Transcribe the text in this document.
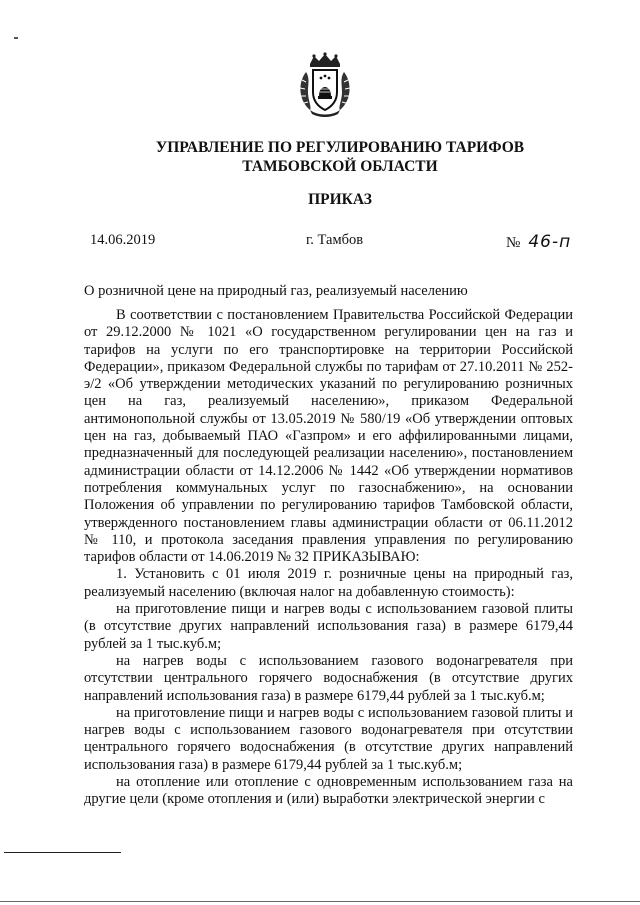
УПРАВЛЕНИЕ ПО РЕГУЛИРОВАНИЮ ТАРИФОВ
ТАМБОВСКОЙ ОБЛАСТИ
ПРИКАЗ
14.06.2019	г. Тамбов	№ 46-п
О розничной цене на природный газ, реализуемый населению

В соответствии с постановлением Правительства Российской Федерации от 29.12.2000 № 1021 «О государственном регулировании цен на газ и тарифов на услуги по его транспортировке на территории Российской Федерации», приказом Федеральной службы по тарифам от 27.10.2011 № 252-э/2 «Об утверждении методических указаний по регулированию розничных цен на газ, реализуемый населению», приказом Федеральной антимонопольной службы от 13.05.2019 № 580/19 «Об утверждении оптовых цен на газ, добываемый ПАО «Газпром» и его аффилированными лицами, предназначенный для последующей реализации населению», постановлением администрации области от 14.12.2006 № 1442 «Об утверждении нормативов потребления коммунальных услуг по газоснабжению», на основании Положения об управлении по регулированию тарифов Тамбовской области, утвержденного постановлением главы администрации области от 06.11.2012 № 110, и протокола заседания правления управления по регулированию тарифов области от 14.06.2019 № 32 ПРИКАЗЫВАЮ:

1. Установить с 01 июля 2019 г. розничные цены на природный газ, реализуемый населению (включая налог на добавленную стоимость):

на приготовление пищи и нагрев воды с использованием газовой плиты (в отсутствие других направлений использования газа) в размере 6179,44 рублей за 1 тыс.куб.м;

на нагрев воды с использованием газового водонагревателя при отсутствии центрального горячего водоснабжения (в отсутствие других направлений использования газа) в размере 6179,44 рублей за 1 тыс.куб.м;

на приготовление пищи и нагрев воды с использованием газовой плиты и нагрев воды с использованием газового водонагревателя при отсутствии центрального горячего водоснабжения (в отсутствие других направлений использования газа) в размере 6179,44 рублей за 1 тыс.куб.м;

на отопление или отопление с одновременным использованием газа на другие цели (кроме отопления и (или) выработки электрической энергии с
